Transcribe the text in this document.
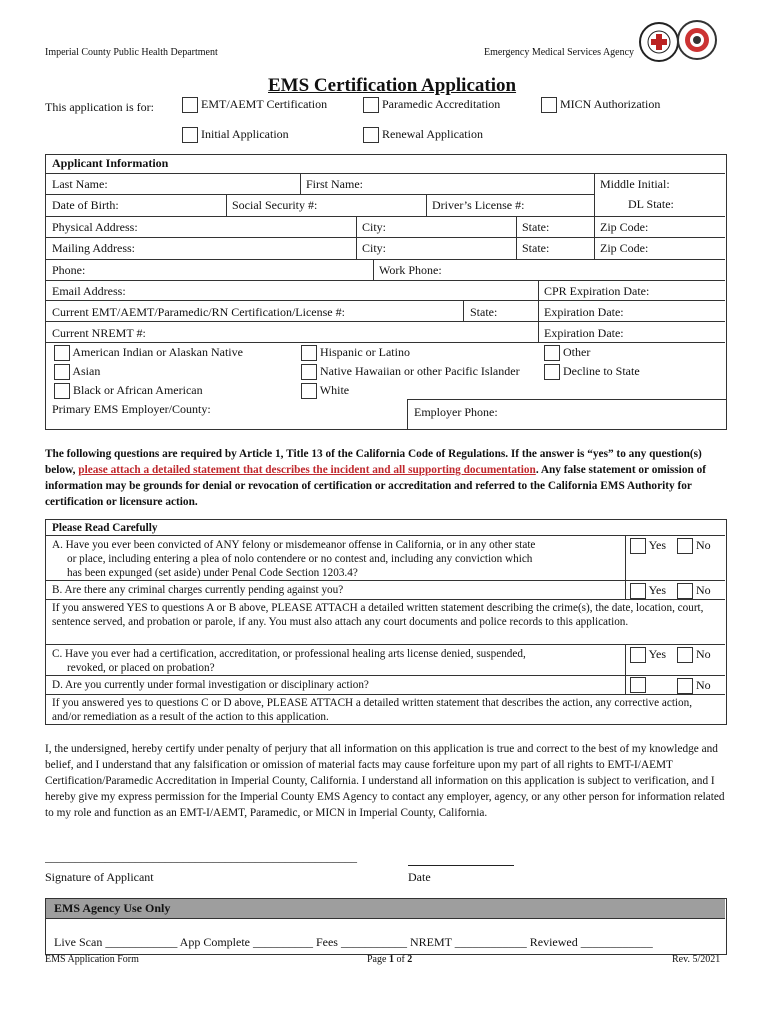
Imperial County Public Health Department	Emergency Medical Services Agency
EMS Certification Application
This application is for:	EMT/AEMT Certification	Paramedic Accreditation	MICN Authorization
Initial Application	Renewal Application
Applicant Information
Last Name:	First Name:	Middle Initial:
Date of Birth:	Social Security #:	Driver’s License #:	DL State:
Physical Address:	City:	State:	Zip Code:
Mailing Address:	City:	State:	Zip Code:
Phone:	Work Phone:
Email Address:	CPR Expiration Date:
Current EMT/AEMT/Paramedic/RN Certification/License #:	State:	Expiration Date:
Current NREMT #:	Expiration Date:
American Indian or Alaskan Native	Hispanic or Latino	Other
Asian	Native Hawaiian or other Pacific Islander	Decline to State
Black or African American	White
Primary EMS Employer/County:	Employer Phone:
The following questions are required by Article 1, Title 13 of the California Code of Regulations. If the answer is “yes” to any question(s) below, please attach a detailed statement that describes the incident and all supporting documentation. Any false statement or omission of information may be grounds for denial or revocation of certification or accreditation and referred to the California EMS Authority for certification or licensure action.
Please Read Carefully
A. Have you ever been convicted of ANY felony or misdemeanor offense in California, or in any other state
or place, including entering a plea of nolo contendere or no contest and, including any conviction which
has been expunged (set aside) under Penal Code Section 1203.4?
Yes	No
B. Are there any criminal charges currently pending against you?	Yes	No
If you answered YES to questions A or B above, PLEASE ATTACH a detailed written statement describing the crime(s), the date, location, court, sentence served, and probation or parole, if any. You must also attach any court documents and police records to this application.
C. Have you ever had a certification, accreditation, or professional healing arts license denied, suspended,
revoked, or placed on probation?
Yes	No
D. Are you currently under formal investigation or disciplinary action?	No
If you answered yes to questions C or D above, PLEASE ATTACH a detailed written statement that describes the action, any corrective action, and/or remediation as a result of the action to this application.
I, the undersigned, hereby certify under penalty of perjury that all information on this application is true and correct to the best of my knowledge and belief, and I understand that any falsification or omission of material facts may cause forfeiture upon my part of all rights to EMT-I/AEMT Certification/Paramedic Accreditation in Imperial County, California. I understand all information on this application is subject to verification, and I hereby give my express permission for the Imperial County EMS Agency to contact any employer, agency, or any other person for information related to my role and function as an EMT-I/AEMT, Paramedic, or MICN in Imperial County, California.
____________________________________________________
Signature of Applicant	Date
EMS Agency Use Only
Live Scan ____________ App Complete __________ Fees ___________ NREMT ____________ Reviewed ____________
EMS Application Form	Page 1 of 2	Rev. 5/2021
